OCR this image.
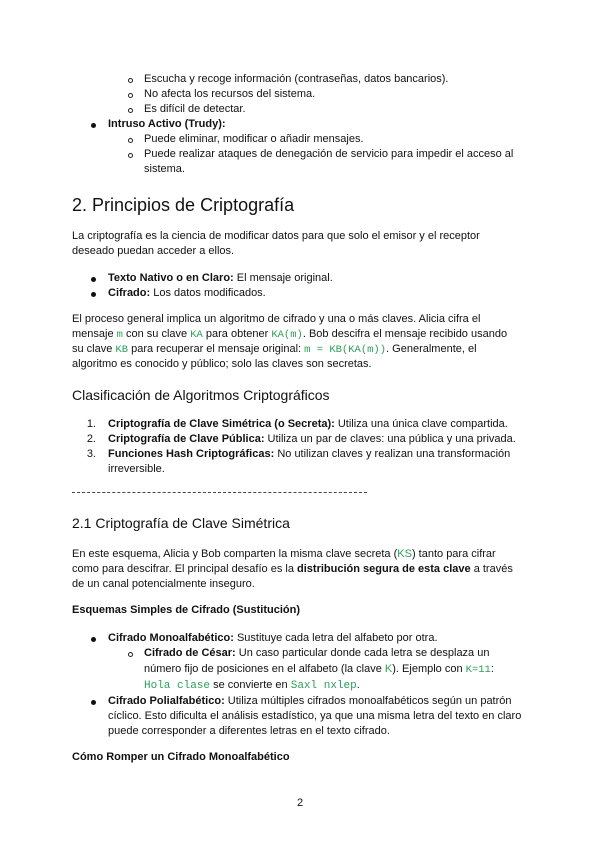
Escucha y recoge información (contraseñas, datos bancarios).

No afecta los recursos del sistema.

Es difícil de detectar.

Intruso Activo (Trudy):

Puede eliminar, modificar o añadir mensajes.

Puede realizar ataques de denegación de servicio para impedir el acceso al

sistema.

2. Principios de Criptografía

La criptografía es la ciencia de modificar datos para que solo el emisor y el receptor

deseado puedan acceder a ellos.

Texto Nativo o en Claro: El mensaje original.

Cifrado: Los datos modificados.

El proceso general implica un algoritmo de cifrado y una o más claves. Alicia cifra el

mensaje m con su clave KA para obtener KA(m). Bob descifra el mensaje recibido usando

su clave KB para recuperar el mensaje original: m = KB(KA(m)). Generalmente, el

algoritmo es conocido y público; solo las claves son secretas.

Clasificación de Algoritmos Criptográficos
1. Criptografía de Clave Simétrica (o Secreta): Utiliza una única clave compartida.

2. Criptografía de Clave Pública: Utiliza un par de claves: una pública y una privada.

3. Funciones Hash Criptográficas: No utilizan claves y realizan una transformación

irreversible.

2.1 Criptografía de Clave Simétrica

En este esquema, Alicia y Bob comparten la misma clave secreta (KS) tanto para cifrar

como para descifrar. El principal desafío es la distribución segura de esta clave a través

de un canal potencialmente inseguro.

Esquemas Simples de Cifrado (Sustitución)

Cifrado Monoalfabético: Sustituye cada letra del alfabeto por otra.

Cifrado de César: Un caso particular donde cada letra se desplaza un

número fijo de posiciones en el alfabeto (la clave K). Ejemplo con K=11:

Hola clase se convierte en Saxl nxlep.

Cifrado Polialfabético: Utiliza múltiples cifrados monoalfabéticos según un patrón

cíclico. Esto dificulta el análisis estadístico, ya que una misma letra del texto en claro

puede corresponder a diferentes letras en el texto cifrado.

Cómo Romper un Cifrado Monoalfabético
2
